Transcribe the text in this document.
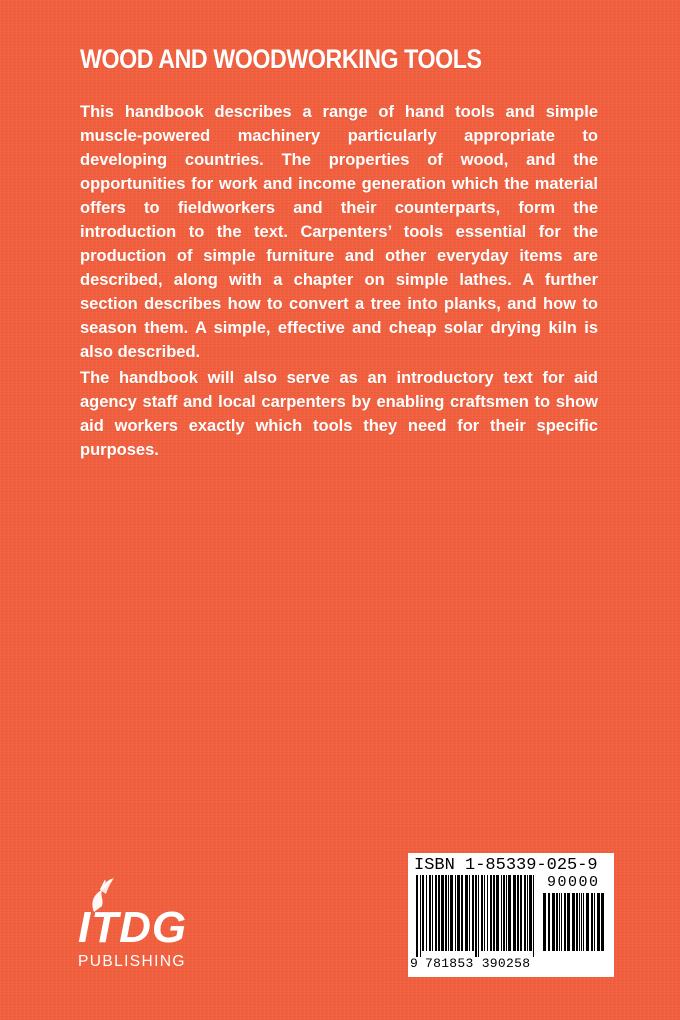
WOOD AND WOODWORKING TOOLS

This handbook describes a range of hand tools and simple muscle-powered machinery particularly appropriate to developing countries. The properties of wood, and the opportunities for work and income generation which the material offers to fieldworkers and their counterparts, form the introduction to the text. Carpenters’ tools essential for the production of simple furniture and other everyday items are described, along with a chapter on simple lathes. A further section describes how to convert a tree into planks, and how to season them. A simple, effective and cheap solar drying kiln is also described.

The handbook will also serve as an introductory text for aid agency staff and local carpenters by enabling craftsmen to show aid workers exactly which tools they need for their specific purposes.

ITDG
PUBLISHING
ISBN 1-85339-025-9
90000
9 781853 390258
